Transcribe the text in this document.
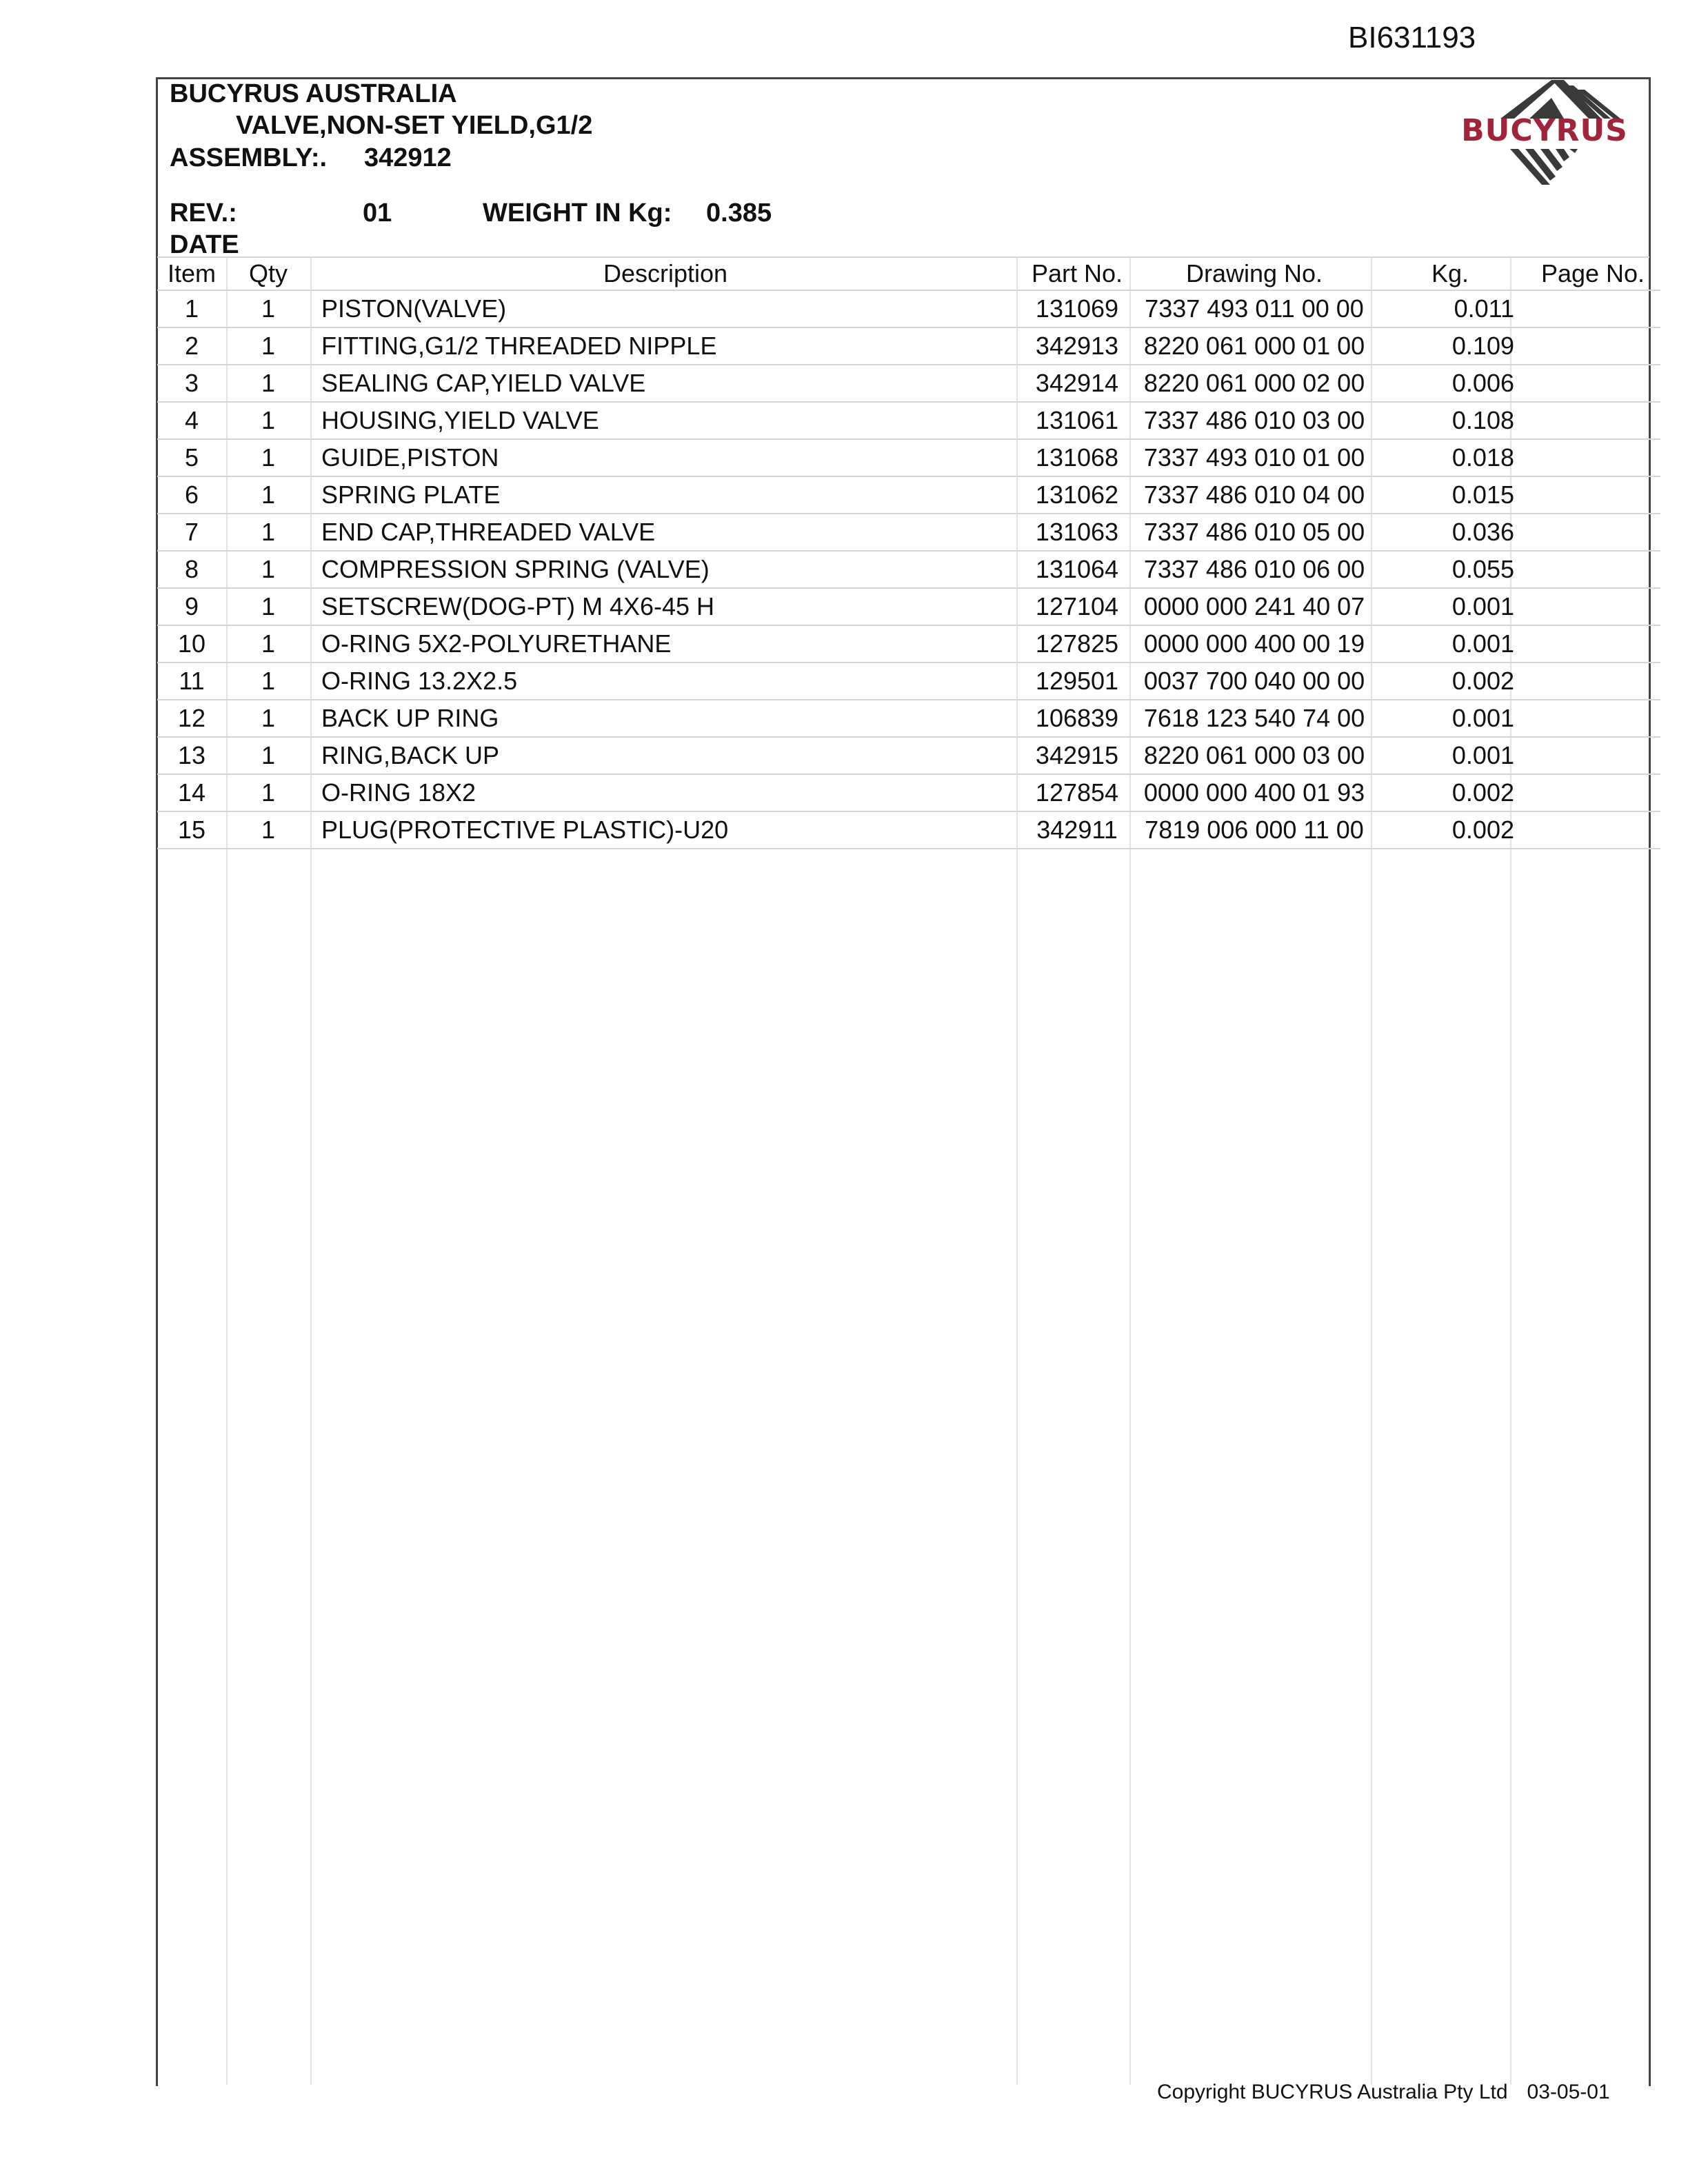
BI631193
BUCYRUS AUSTRALIA
VALVE,NON-SET YIELD,G1/2
ASSEMBLY:. 342912
REV.:	01	WEIGHT IN Kg: 0.385
DATE
BUCYRUS
Item	Qty	Description	Part No.	Drawing No.	Kg.	Page No.
1	1	PISTON(VALVE)	131069	7337 493 011 00 00	0.011	
2	1	FITTING,G1/2 THREADED NIPPLE	342913	8220 061 000 01 00	0.109	
3	1	SEALING CAP,YIELD VALVE	342914	8220 061 000 02 00	0.006	
4	1	HOUSING,YIELD VALVE	131061	7337 486 010 03 00	0.108	
5	1	GUIDE,PISTON	131068	7337 493 010 01 00	0.018	
6	1	SPRING PLATE	131062	7337 486 010 04 00	0.015	
7	1	END CAP,THREADED VALVE	131063	7337 486 010 05 00	0.036	
8	1	COMPRESSION SPRING (VALVE)	131064	7337 486 010 06 00	0.055	
9	1	SETSCREW(DOG-PT) M 4X6-45 H	127104	0000 000 241 40 07	0.001	
10	1	O-RING 5X2-POLYURETHANE	127825	0000 000 400 00 19	0.001	
11	1	O-RING 13.2X2.5	129501	0037 700 040 00 00	0.002	
12	1	BACK UP RING	106839	7618 123 540 74 00	0.001	
13	1	RING,BACK UP	342915	8220 061 000 03 00	0.001	
14	1	O-RING 18X2	127854	0000 000 400 01 93	0.002	
15	1	PLUG(PROTECTIVE PLASTIC)-U20	342911	7819 006 000 11 00	0.002	
Copyright BUCYRUS Australia Pty Ltd 03-05-01
